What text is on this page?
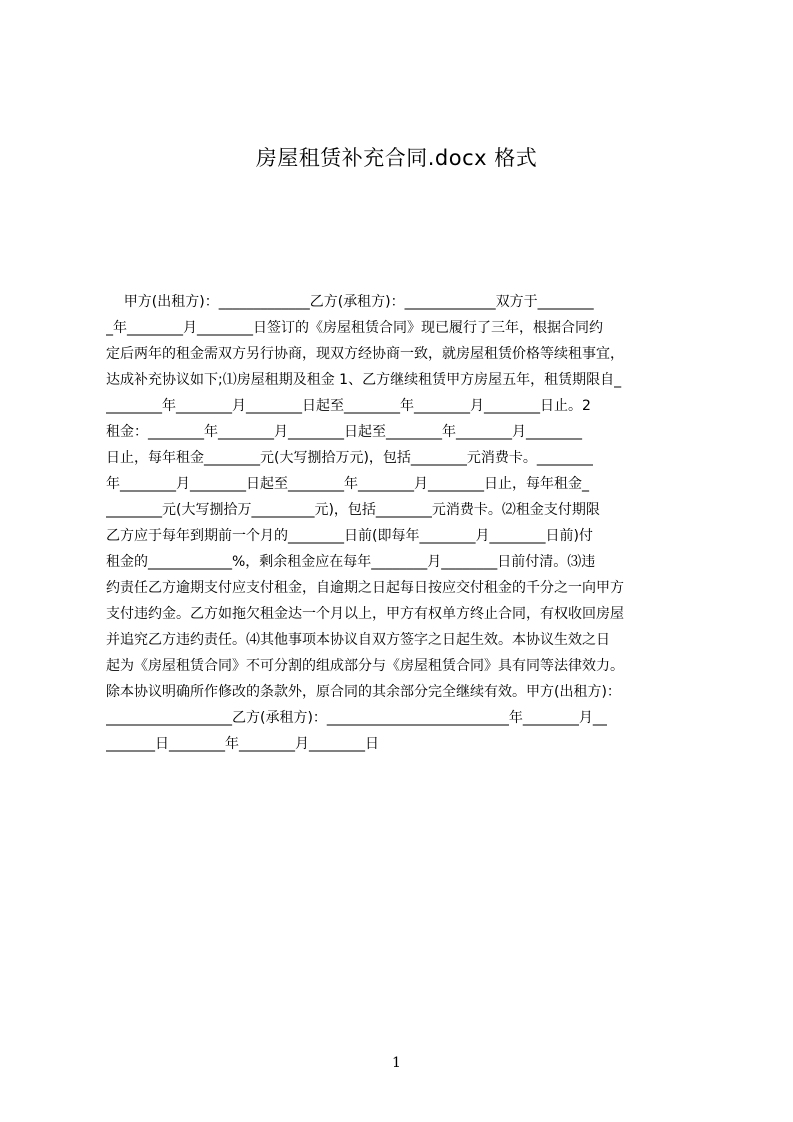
房屋租赁补充合同.docx 格式
甲方(出租方)：_____________乙方(承租方)：_____________双方于________
_年________月________日签订的《房屋租赁合同》现已履行了三年，根据合同约
定后两年的租金需双方另行协商，现双方经协商一致，就房屋租赁价格等续租事宜，
达成补充协议如下;⑴房屋租期及租金 1、乙方继续租赁甲方房屋五年，租赁期限自_
________年________月________日起至________年________月________日止。2
租金：________年________月________日起至________年________月________
日止，每年租金________元(大写捌拾万元)，包括________元消费卡。________
年________月________日起至________年________月________日止，每年租金_
________元(大写捌拾万_________元)，包括________元消费卡。⑵租金支付期限
乙方应于每年到期前一个月的________日前(即每年________月________日前)付
租金的____________%，剩余租金应在每年________月________日前付清。⑶违
约责任乙方逾期支付应支付租金，自逾期之日起每日按应交付租金的千分之一向甲方
支付违约金。乙方如拖欠租金达一个月以上，甲方有权单方终止合同，有权收回房屋
并追究乙方违约责任。⑷其他事项本协议自双方签字之日起生效。本协议生效之日
起为《房屋租赁合同》不可分割的组成部分与《房屋租赁合同》具有同等法律效力。
除本协议明确所作修改的条款外，原合同的其余部分完全继续有效。甲方(出租方)：
__________________乙方(承租方)：__________________________年________月__
_______日________年________月________日
1
